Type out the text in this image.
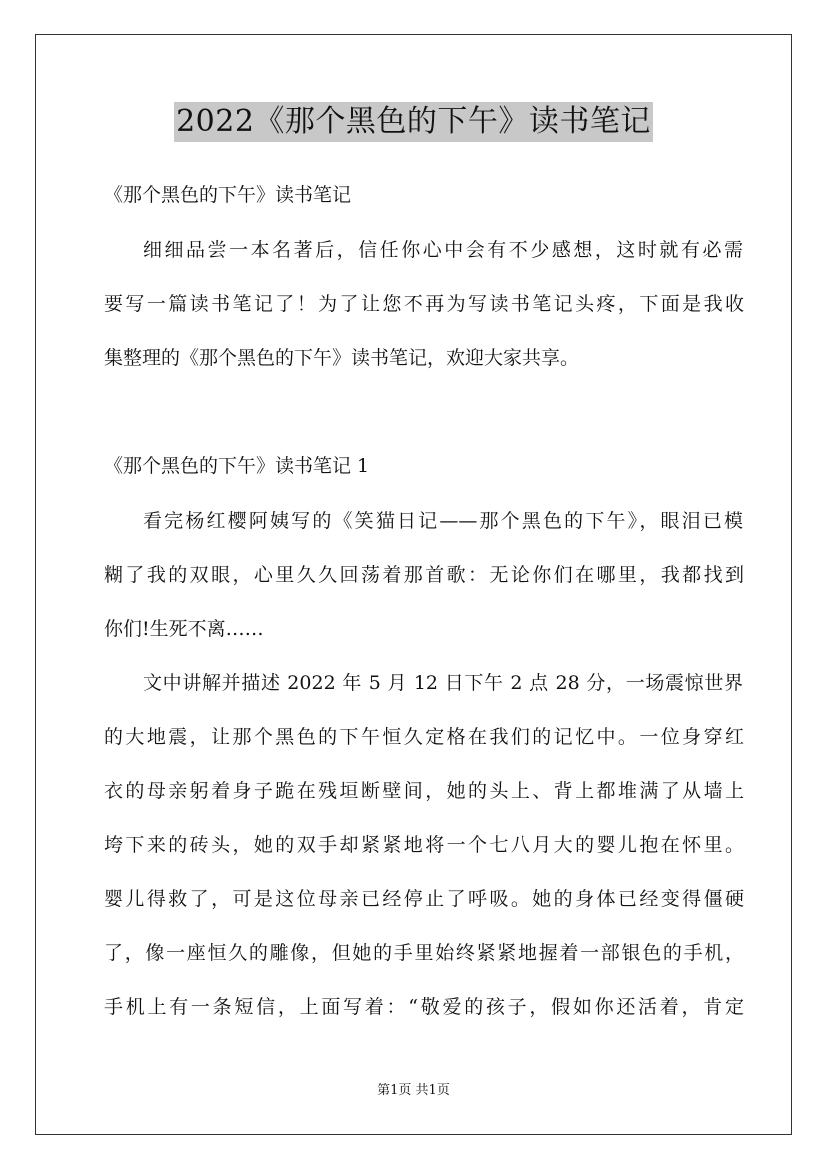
2022《那个黑色的下午》读书笔记
《那个黑色的下午》读书笔记
细细品尝一本名著后，信任你心中会有不少感想，这时就有必需
要写一篇读书笔记了！为了让您不再为写读书笔记头疼，下面是我收
集整理的《那个黑色的下午》读书笔记，欢迎大家共享。
《那个黑色的下午》读书笔记 1
看完杨红樱阿姨写的《笑猫日记——那个黑色的下午》，眼泪已模
糊了我的双眼，心里久久回荡着那首歌：无论你们在哪里，我都找到
你们!生死不离……
文中讲解并描述 2022 年 5 月 12 日下午 2 点 28 分，一场震惊世界
的大地震，让那个黑色的下午恒久定格在我们的记忆中。一位身穿红
衣的母亲躬着身子跪在残垣断壁间，她的头上、背上都堆满了从墙上
垮下来的砖头，她的双手却紧紧地将一个七八月大的婴儿抱在怀里。
婴儿得救了，可是这位母亲已经停止了呼吸。她的身体已经变得僵硬
了，像一座恒久的雕像，但她的手里始终紧紧地握着一部银色的手机，
手机上有一条短信，上面写着：“敬爱的孩子，假如你还活着，肯定
第1页 共1页
